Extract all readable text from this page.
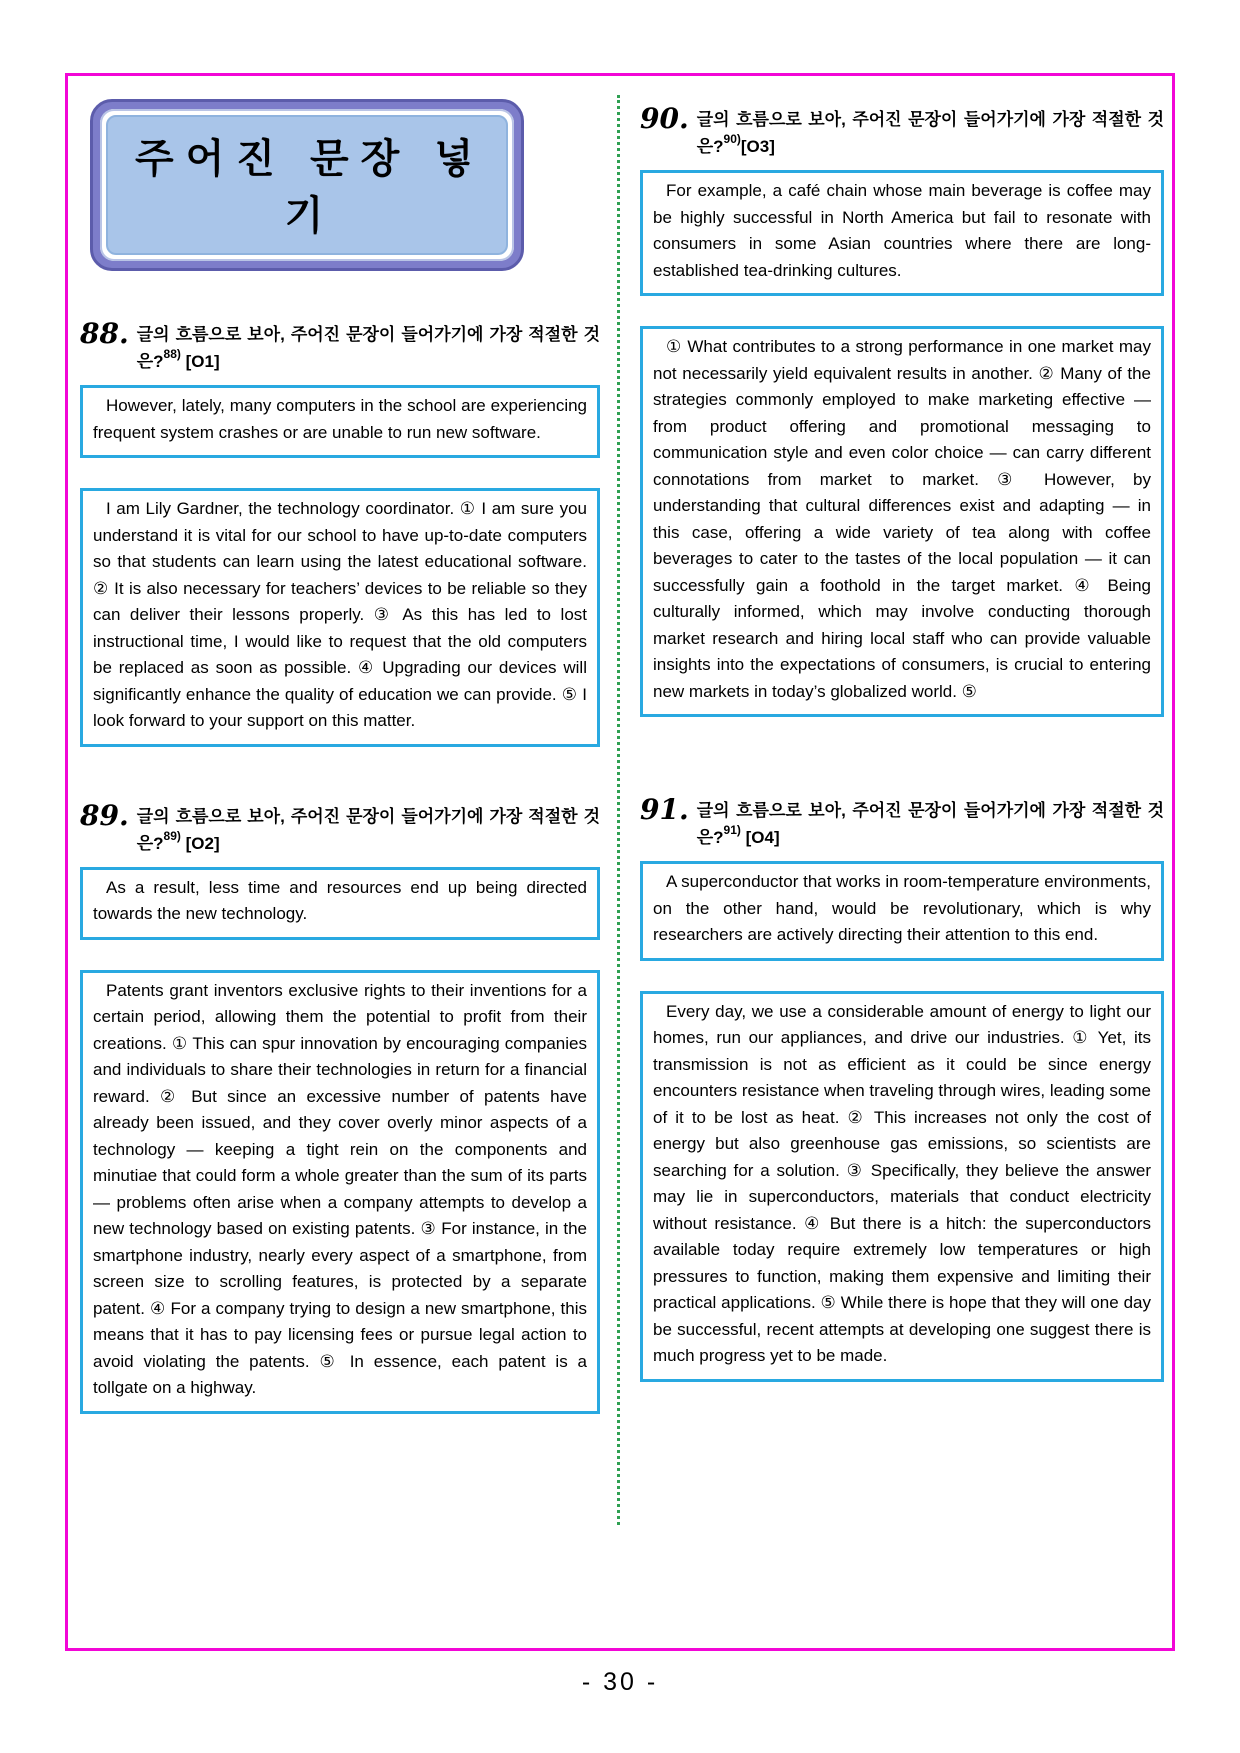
주어진 문장 넣기
88. 글의 흐름으로 보아, 주어진 문장이 들어가기에 가장 적절한 것은?$^{88)}$ [O1]

However, lately, many computers in the school are experiencing frequent system crashes or are unable to run new software.

I am Lily Gardner, the technology coordinator. ① I am sure you understand it is vital for our school to have up-to-date computers so that students can learn using the latest educational software. ② It is also necessary for teachers’ devices to be reliable so they can deliver their lessons properly. ③ As this has led to lost instructional time, I would like to request that the old computers be replaced as soon as possible. ④ Upgrading our devices will significantly enhance the quality of education we can provide. ⑤ I look forward to your support on this matter.

89. 글의 흐름으로 보아, 주어진 문장이 들어가기에 가장 적절한 것은?$^{89)}$ [O2]

As a result, less time and resources end up being directed towards the new technology.

Patents grant inventors exclusive rights to their inventions for a certain period, allowing them the potential to profit from their creations. ① This can spur innovation by encouraging companies and individuals to share their technologies in return for a financial reward. ② But since an excessive number of patents have already been issued, and they cover overly minor aspects of a technology — keeping a tight rein on the components and minutiae that could form a whole greater than the sum of its parts — problems often arise when a company attempts to develop a new technology based on existing patents. ③ For instance, in the smartphone industry, nearly every aspect of a smartphone, from screen size to scrolling features, is protected by a separate patent. ④ For a company trying to design a new smartphone, this means that it has to pay licensing fees or pursue legal action to avoid violating the patents. ⑤ In essence, each patent is a tollgate on a highway.

90. 글의 흐름으로 보아, 주어진 문장이 들어가기에 가장 적절한 것은?$^{90)}$[O3]

For example, a café chain whose main beverage is coffee may be highly successful in North America but fail to resonate with consumers in some Asian countries where there are long-established tea-drinking cultures.

① What contributes to a strong performance in one market may not necessarily yield equivalent results in another. ② Many of the strategies commonly employed to make marketing effective — from product offering and promotional messaging to communication style and even color choice — can carry different connotations from market to market. ③ However, by understanding that cultural differences exist and adapting — in this case, offering a wide variety of tea along with coffee beverages to cater to the tastes of the local population — it can successfully gain a foothold in the target market. ④ Being culturally informed, which may involve conducting thorough market research and hiring local staff who can provide valuable insights into the expectations of consumers, is crucial to entering new markets in today’s globalized world. ⑤

91. 글의 흐름으로 보아, 주어진 문장이 들어가기에 가장 적절한 것은?$^{91)}$ [O4]

A superconductor that works in room-temperature environments, on the other hand, would be revolutionary, which is why researchers are actively directing their attention to this end.

Every day, we use a considerable amount of energy to light our homes, run our appliances, and drive our industries. ① Yet, its transmission is not as efficient as it could be since energy encounters resistance when traveling through wires, leading some of it to be lost as heat. ② This increases not only the cost of energy but also greenhouse gas emissions, so scientists are searching for a solution. ③ Specifically, they believe the answer may lie in superconductors, materials that conduct electricity without resistance. ④ But there is a hitch: the superconductors available today require extremely low temperatures or high pressures to function, making them expensive and limiting their practical applications. ⑤ While there is hope that they will one day be successful, recent attempts at developing one suggest there is much progress yet to be made.

- 30 -
